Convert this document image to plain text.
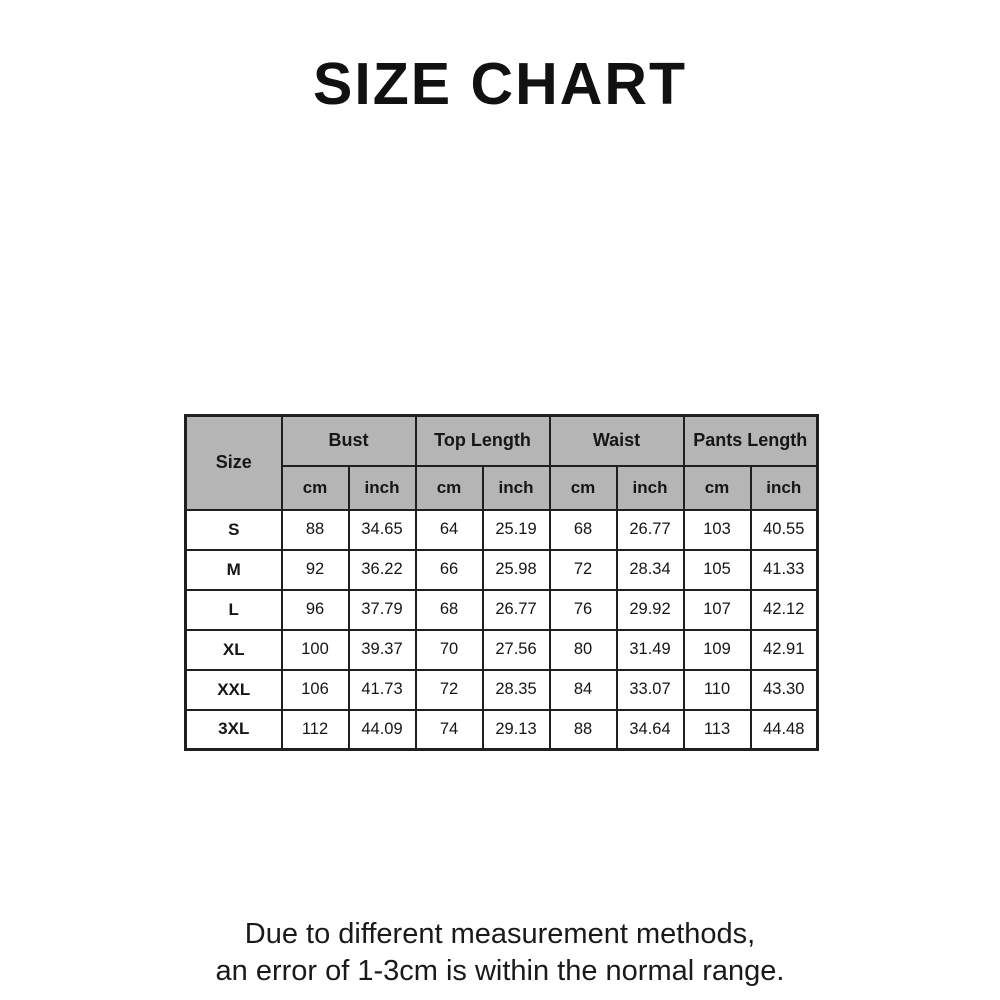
SIZE CHART
Size	Bust		Top Length		Waist		Pants Length	
	cm	inch	cm	inch	cm	inch	cm	inch
S	88	34.65	64	25.19	68	26.77	103	40.55
M	92	36.22	66	25.98	72	28.34	105	41.33
L	96	37.79	68	26.77	76	29.92	107	42.12
XL	100	39.37	70	27.56	80	31.49	109	42.91
XXL	106	41.73	72	28.35	84	33.07	110	43.30
3XL	112	44.09	74	29.13	88	34.64	113	44.48
Due to different measurement methods,
an error of 1-3cm is within the normal range.
